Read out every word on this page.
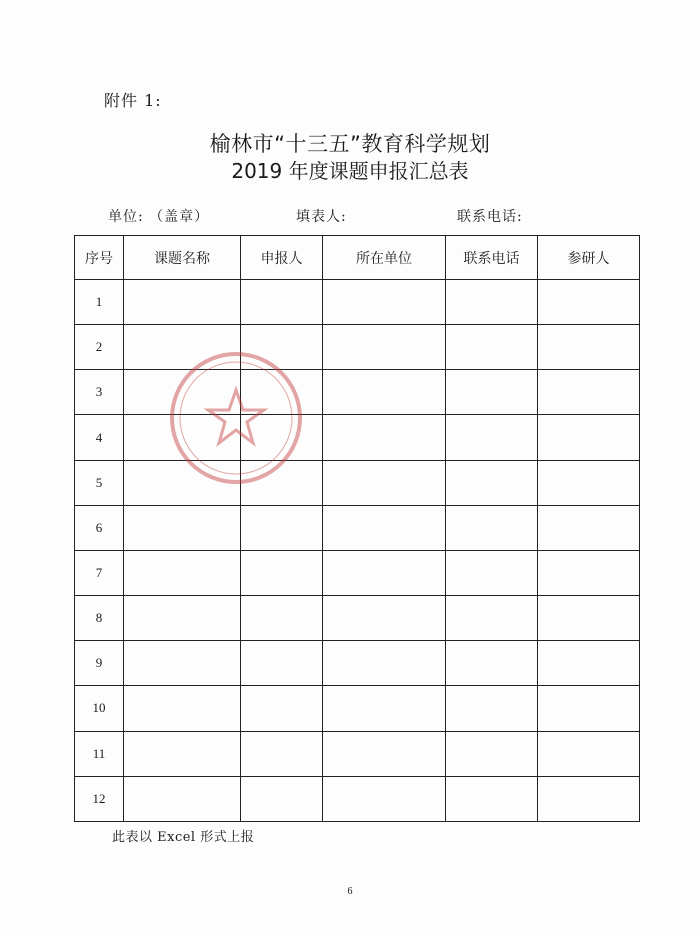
附件 1:
榆林市“十三五”教育科学规划
2019 年度课题申报汇总表
单位: （盖章）	填表人:	联系电话:
序号	课题名称	申报人	所在单位	联系电话	参研人
1					
2					
3					
4					
5					
6					
7					
8					
9					
10					
11					
12					
此表以 Excel 形式上报
6
